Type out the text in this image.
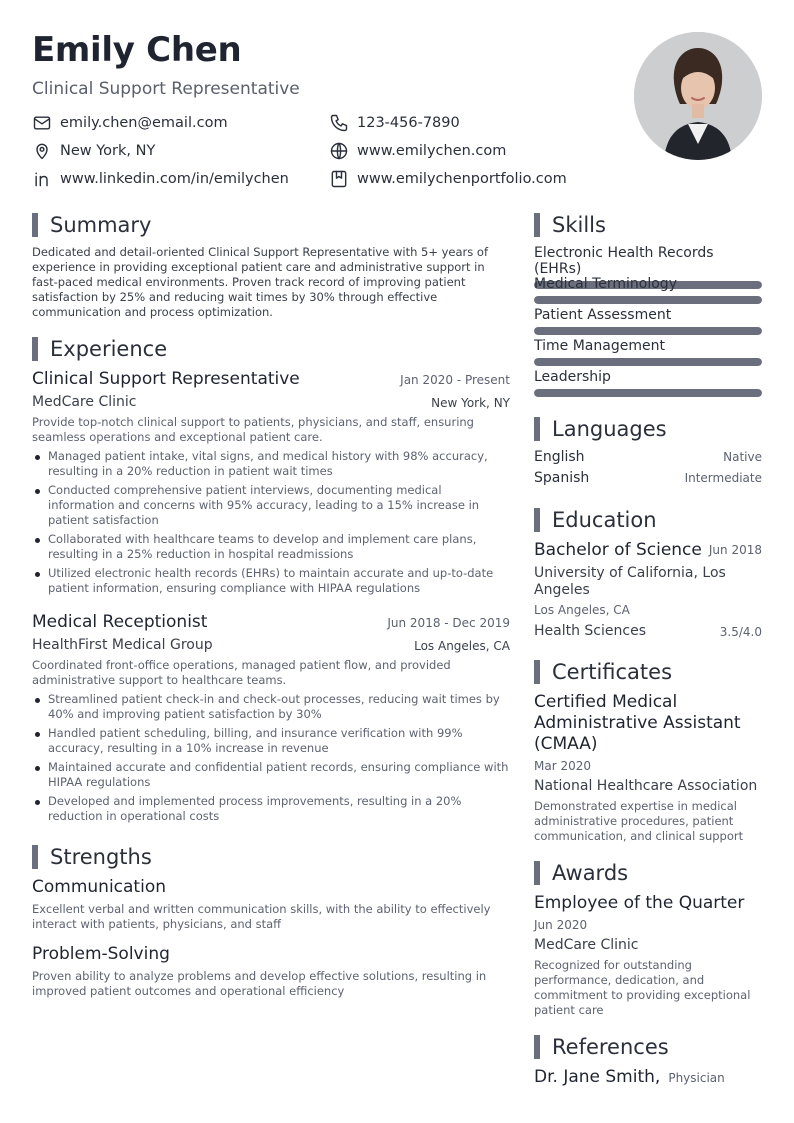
Emily Chen
Clinical Support Representative
emily.chen@email.com
New York, NY
www.linkedin.com/in/emilychen
123-456-7890
www.emilychen.com
www.emilychenportfolio.com
Summary
Dedicated and detail-oriented Clinical Support Representative with 5+ years of experience in providing exceptional patient care and administrative support in fast-paced medical environments. Proven track record of improving patient satisfaction by 25% and reducing wait times by 30% through effective communication and process optimization.
Experience
Clinical Support Representative	Jan 2020 - Present
MedCare Clinic	New York, NY
Provide top-notch clinical support to patients, physicians, and staff, ensuring seamless operations and exceptional patient care.
Managed patient intake, vital signs, and medical history with 98% accuracy, resulting in a 20% reduction in patient wait times
Conducted comprehensive patient interviews, documenting medical information and concerns with 95% accuracy, leading to a 15% increase in patient satisfaction
Collaborated with healthcare teams to develop and implement care plans, resulting in a 25% reduction in hospital readmissions
Utilized electronic health records (EHRs) to maintain accurate and up-to-date patient information, ensuring compliance with HIPAA regulations
Medical Receptionist	Jun 2018 - Dec 2019
HealthFirst Medical Group	Los Angeles, CA
Coordinated front-office operations, managed patient flow, and provided administrative support to healthcare teams.
Streamlined patient check-in and check-out processes, reducing wait times by 40% and improving patient satisfaction by 30%
Handled patient scheduling, billing, and insurance verification with 99% accuracy, resulting in a 10% increase in revenue
Maintained accurate and confidential patient records, ensuring compliance with HIPAA regulations
Developed and implemented process improvements, resulting in a 20% reduction in operational costs
Strengths
Communication
Excellent verbal and written communication skills, with the ability to effectively interact with patients, physicians, and staff
Problem-Solving
Proven ability to analyze problems and develop effective solutions, resulting in improved patient outcomes and operational efficiency
Skills
Electronic Health Records (EHRs)
Medical Terminology
Patient Assessment
Time Management
Leadership
Languages
English	Native
Spanish	Intermediate
Education
Bachelor of Science Jun 2018
University of California, Los Angeles
Los Angeles, CA
Health Sciences	3.5/4.0
Certificates
Certified Medical Administrative Assistant (CMAA)
Mar 2020
National Healthcare Association
Demonstrated expertise in medical administrative procedures, patient communication, and clinical support
Awards
Employee of the Quarter
Jun 2020
MedCare Clinic
Recognized for outstanding performance, dedication, and commitment to providing exceptional patient care
References
Dr. Jane Smith, Physician
